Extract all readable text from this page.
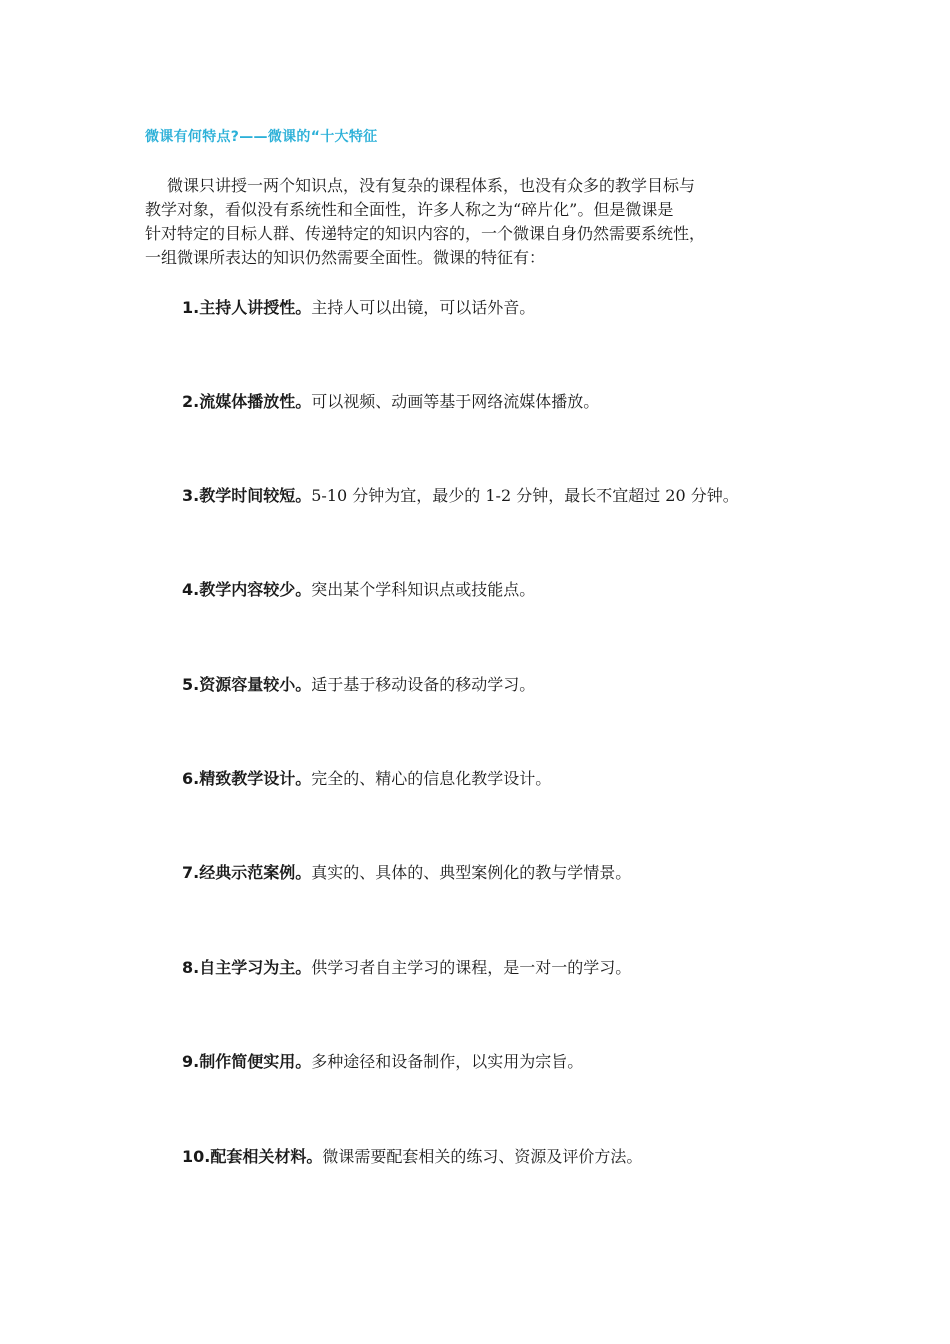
微课有何特点?——微课的“十大特征
微课只讲授一两个知识点，没有复杂的课程体系，也没有众多的教学目标与
教学对象，看似没有系统性和全面性，许多人称之为“碎片化”。但是微课是
针对特定的目标人群、传递特定的知识内容的，一个微课自身仍然需要系统性，
一组微课所表达的知识仍然需要全面性。微课的特征有：
1.主持人讲授性。主持人可以出镜，可以话外音。
2.流媒体播放性。可以视频、动画等基于网络流媒体播放。
3.教学时间较短。5-10 分钟为宜，最少的 1-2 分钟，最长不宜超过 20 分钟。
4.教学内容较少。突出某个学科知识点或技能点。
5.资源容量较小。适于基于移动设备的移动学习。
6.精致教学设计。完全的、精心的信息化教学设计。
7.经典示范案例。真实的、具体的、典型案例化的教与学情景。
8.自主学习为主。供学习者自主学习的课程，是一对一的学习。
9.制作简便实用。多种途径和设备制作，以实用为宗旨。
10.配套相关材料。微课需要配套相关的练习、资源及评价方法。
